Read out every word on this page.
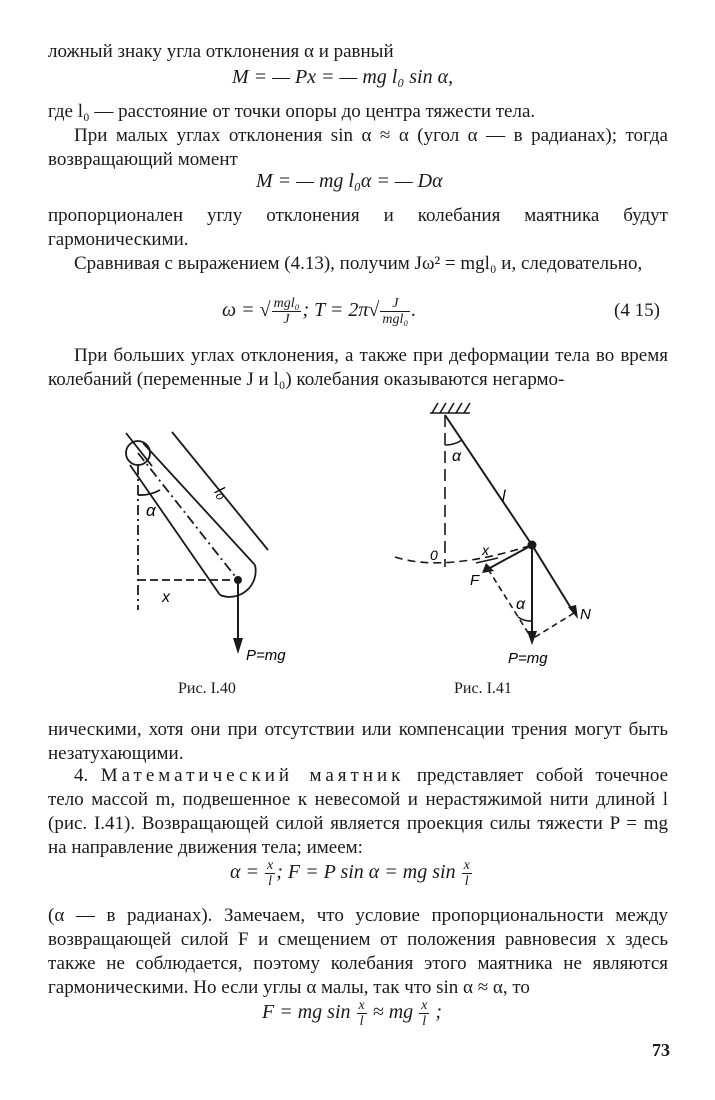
ложный знаку угла отклонения α и равный

M = — Px = — mg l₀ sin α,

где l₀ — расстояние от точки опоры до центра тяжести тела.

При малых углах отклонения sin α ≈ α (угол α — в радианах); тогда возвращающий момент

M = — mg l₀α = — Dα

пропорционален углу отклонения и колебания маятника будут гармоническими.

Сравнивая с выражением (4.13), получим Jω² = mgl₀ и, следовательно,

ω = √ $\frac{\text{mgl₀}}{J}$ ; $T = 2\pi√ \frac{J}{\text{mgl₀}}$ .	(4 15)

При больших углах отклонения, а также при деформации тела во время колебаний (переменные J и l₀) колебания оказываются негармо-

l₀
α
x
P=mg
Рис. I.40
α
l
0	x
F
α
N
P=mg
Рис. I.41

ническими, хотя они при отсутствии или компенсации трения могут быть незатухающими.

4. Математический маятник представляет собой точечное тело массой m, подвешенное к невесомой и нерастяжимой нити длиной l (рис. I.41). Возвращающей силой является проекция силы тяжести P = mg на направление движения тела; имеем:

$\alpha = \frac{x}{l}$ ; F = P sin α = mg $\sin \frac{x}{l}$

(α — в радианах). Замечаем, что условие пропорциональности между возвращающей силой F и смещением от положения равновесия x здесь также не соблюдается, поэтому колебания этого маятника не являются гармоническими. Но если углы α малы, так что sin α ≈ α, то

F = mg $\sin \frac{x}{l}$ ≈ mg $\frac{x}{l}$ ;
73
